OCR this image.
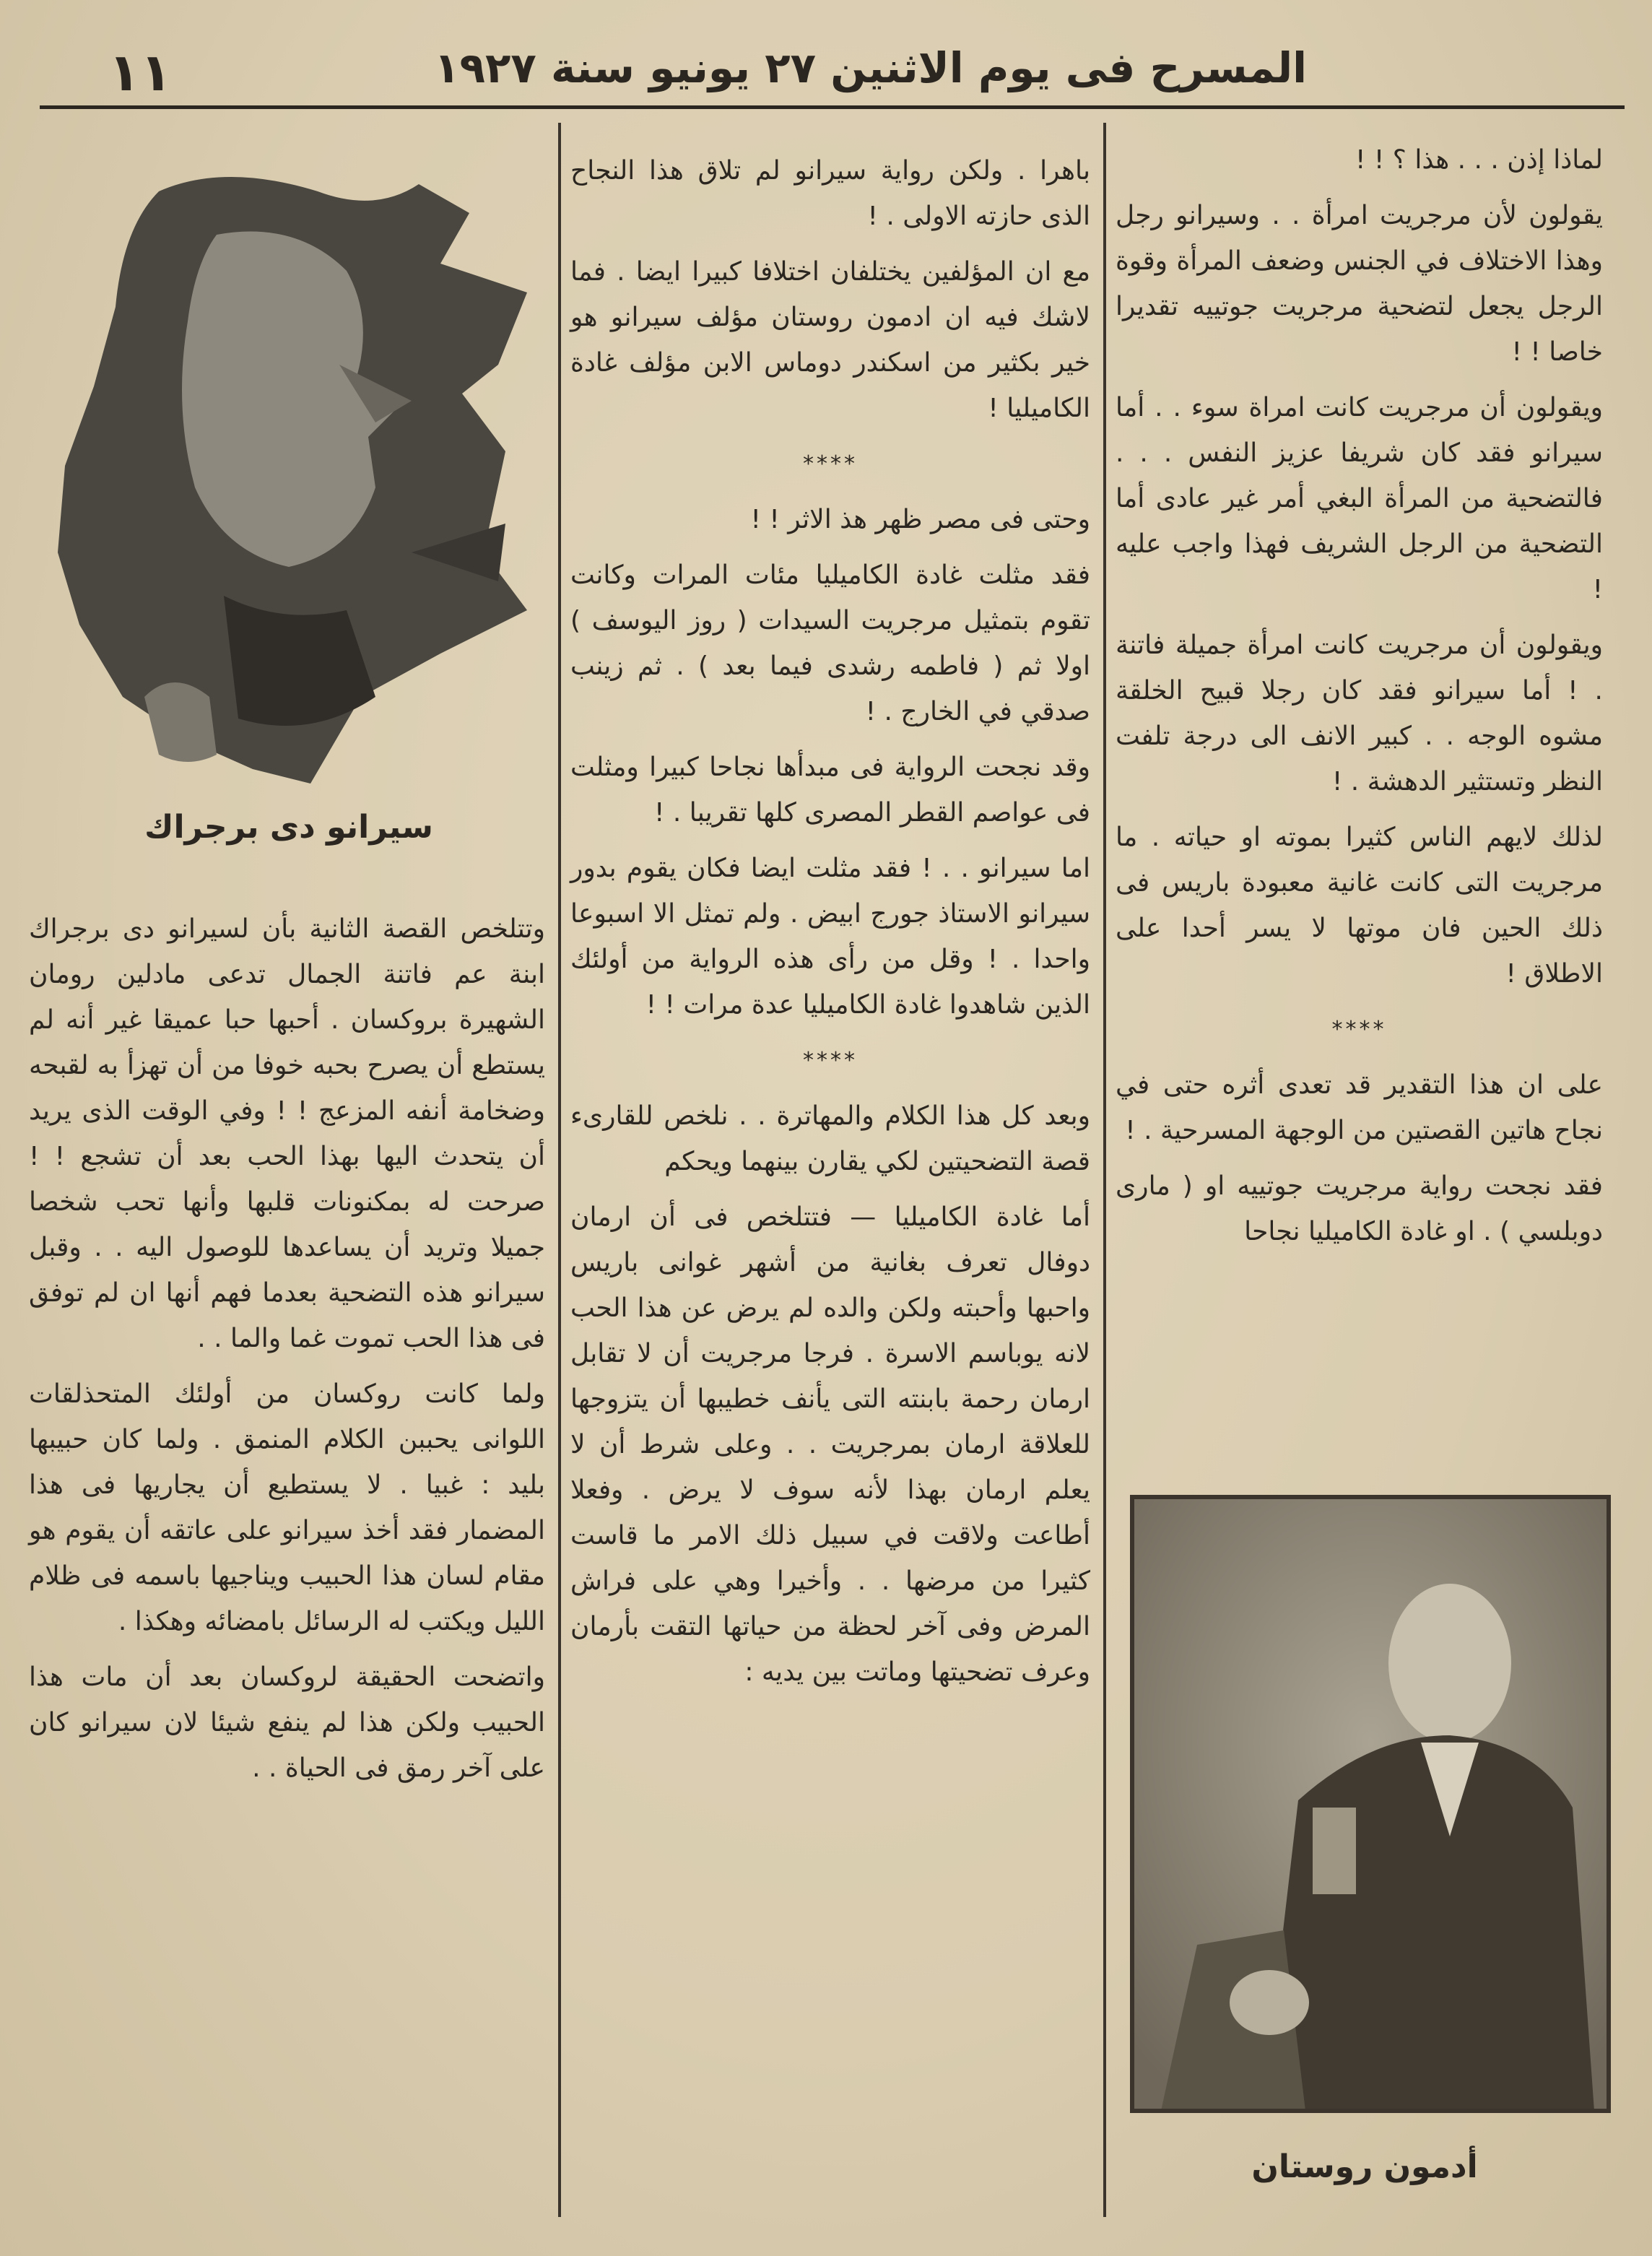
١١	المسرح فى يوم الاثنين ٢٧ يونيو سنة ١٩٢٧

لماذا إذن . . . هذا ؟ ! !

يقولون لأن مرجريت امرأة . . وسيرانو رجل وهذا الاختلاف في الجنس وضعف المرأة وقوة الرجل يجعل لتضحية مرجريت جوتييه تقديرا خاصا ! !

ويقولون أن مرجريت كانت امراة سوء . . أما سيرانو فقد كان شريفا عزيز النفس . . . فالتضحية من المرأة البغي أمر غير عادى أما التضحية من الرجل الشريف فهذا واجب عليه !

ويقولون أن مرجريت كانت امرأة جميلة فاتنة . ! أما سيرانو فقد كان رجلا قبيح الخلقة مشوه الوجه . . كبير الانف الى درجة تلفت النظر وتستثير الدهشة . !

لذلك لايهم الناس كثيرا بموته او حياته . ما مرجريت التى كانت غانية معبودة باريس فى ذلك الحين فان موتها لا يسر أحدا على الاطلاق !

****

على ان هذا التقدير قد تعدى أثره حتى في نجاح هاتين القصتين من الوجهة المسرحية . !

فقد نجحت رواية مرجريت جوتييه او ( مارى دوبلسي ) . او غادة الكاميليا نجاحا

أدمون روستان

باهرا . ولكن رواية سيرانو لم تلاق هذا النجاح الذى حازته الاولى . !

مع ان المؤلفين يختلفان اختلافا كبيرا ايضا . فما لاشك فيه ان ادمون روستان مؤلف سيرانو هو خير بكثير من اسكندر دوماس الابن مؤلف غادة الكاميليا !

****

وحتى فى مصر ظهر هذ الاثر ! !

فقد مثلت غادة الكاميليا مئات المرات وكانت تقوم بتمثيل مرجريت السيدات ( روز اليوسف ) اولا ثم ( فاطمه رشدى فيما بعد ) . ثم زينب صدقي في الخارج . !

وقد نجحت الرواية فى مبدأها نجاحا كبيرا ومثلت فى عواصم القطر المصرى كلها تقريبا . !

اما سيرانو . . ! فقد مثلت ايضا فكان يقوم بدور سيرانو الاستاذ جورج ابيض . ولم تمثل الا اسبوعا واحدا . ! وقل من رأى هذه الرواية من أولئك الذين شاهدوا غادة الكاميليا عدة مرات ! !

****

وبعد كل هذا الكلام والمهاترة . . نلخص للقارىء قصة التضحيتين لكي يقارن بينهما ويحكم

أما غادة الكاميليا — فتتلخص فى أن ارمان دوفال تعرف بغانية من أشهر غوانى باريس واحبها وأحبته ولكن والده لم يرض عن هذا الحب لانه يوباسم الاسرة . فرجا مرجريت أن لا تقابل ارمان رحمة بابنته التى يأنف خطيبها أن يتزوجها للعلاقة ارمان بمرجريت . . وعلى شرط أن لا يعلم ارمان بهذا لأنه سوف لا يرض . وفعلا أطاعت ولاقت في سبيل ذلك الامر ما قاست كثيرا من مرضها . . وأخيرا وهي على فراش المرض وفى آخر لحظة من حياتها التقت بأرمان وعرف تضحيتها وماتت بين يديه :

سيرانو دى برجراك

وتتلخص القصة الثانية بأن لسيرانو دى برجراك ابنة عم فاتنة الجمال تدعى مادلين رومان الشهيرة بروكسان . أحبها حبا عميقا غير أنه لم يستطع أن يصرح بحبه خوفا من أن تهزأ به لقبحه وضخامة أنفه المزعج ! ! وفي الوقت الذى يريد أن يتحدث اليها بهذا الحب بعد أن تشجع ! ! صرحت له بمكنونات قلبها وأنها تحب شخصا جميلا وتريد أن يساعدها للوصول اليه . . وقبل سيرانو هذه التضحية بعدما فهم أنها ان لم توفق فى هذا الحب تموت غما والما . .

ولما كانت روكسان من أولئك المتحذلقات اللوانى يحببن الكلام المنمق . ولما كان حبيبها بليد : غبيا . لا يستطيع أن يجاريها فى هذا المضمار فقد أخذ سيرانو على عاتقه أن يقوم هو مقام لسان هذا الحبيب ويناجيها باسمه فى ظلام الليل ويكتب له الرسائل بامضائه وهكذا .

واتضحت الحقيقة لروكسان بعد أن مات هذا الحبيب ولكن هذا لم ينفع شيئا لان سيرانو كان على آخر رمق فى الحياة . .
